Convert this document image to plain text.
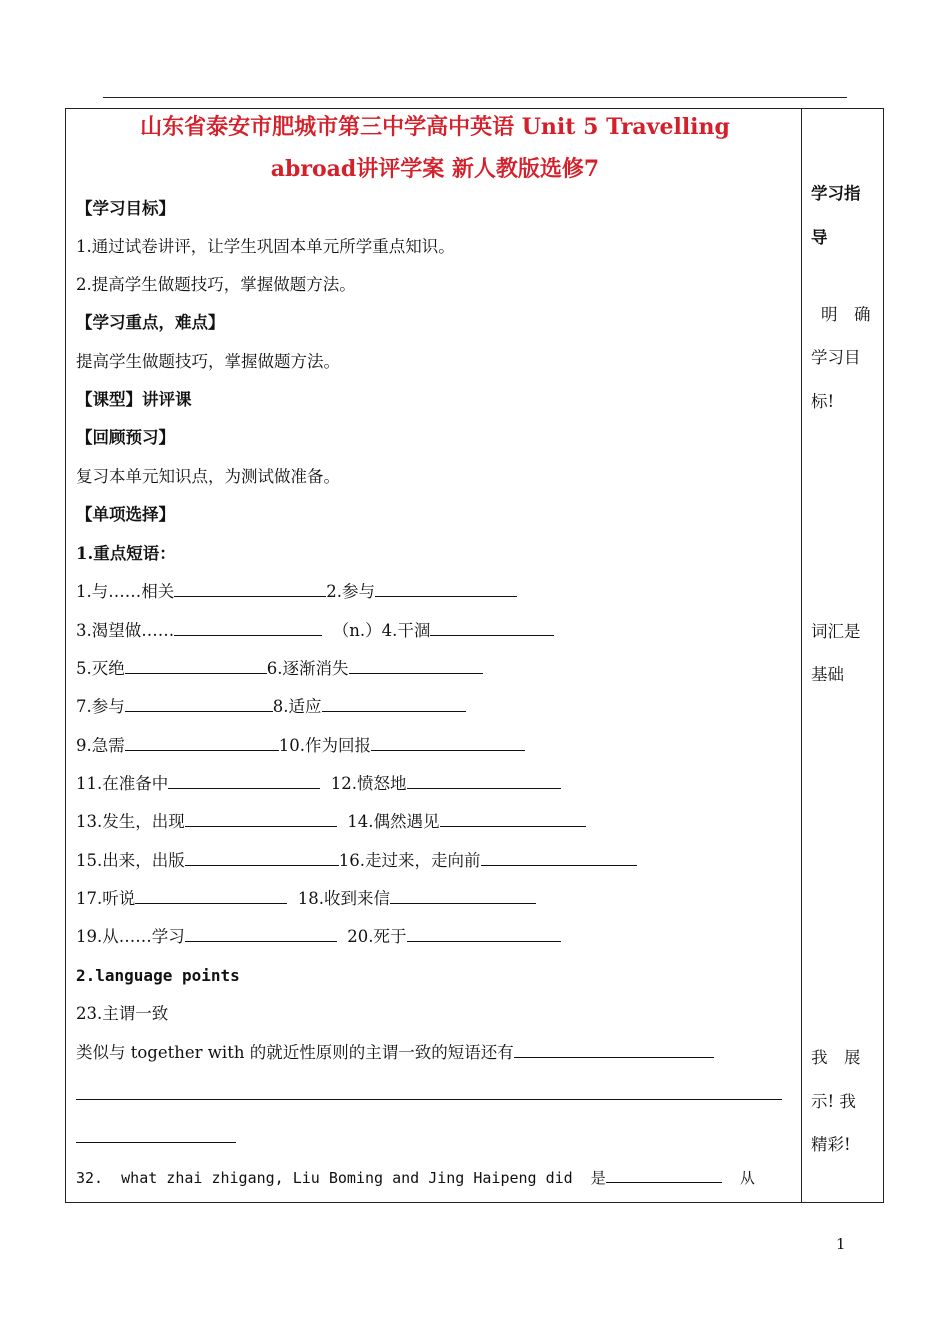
山东省泰安市肥城市第三中学高中英语 Unit 5 Travelling
abroad讲评学案 新人教版选修7
【学习目标】
1.通过试卷讲评，让学生巩固本单元所学重点知识。
2.提高学生做题技巧，掌握做题方法。
【学习重点，难点】
提高学生做题技巧，掌握做题方法。
【课型】讲评课
【回顾预习】
复习本单元知识点，为测试做准备。
【单项选择】
1.重点短语：
1.与……相关	2.参与
3.渴望做……	（n.）4.干涸
5.灭绝	6.逐渐消失
7.参与	8.适应
9.急需	10.作为回报
11.在准备中	12.愤怒地
13.发生，出现	14.偶然遇见
15.出来，出版	16.走过来，走向前
17.听说	18.收到来信
19.从……学习	20.死于
2.language points
23.主谓一致
类似与 together with 的就近性原则的主谓一致的短语还有
32. what zhai zhigang, Liu Boming and Jing Haipeng did 是	从
学习指
导
明　确
学习目
标!
词汇是
基础
我　展
示! 我
精彩!
1
